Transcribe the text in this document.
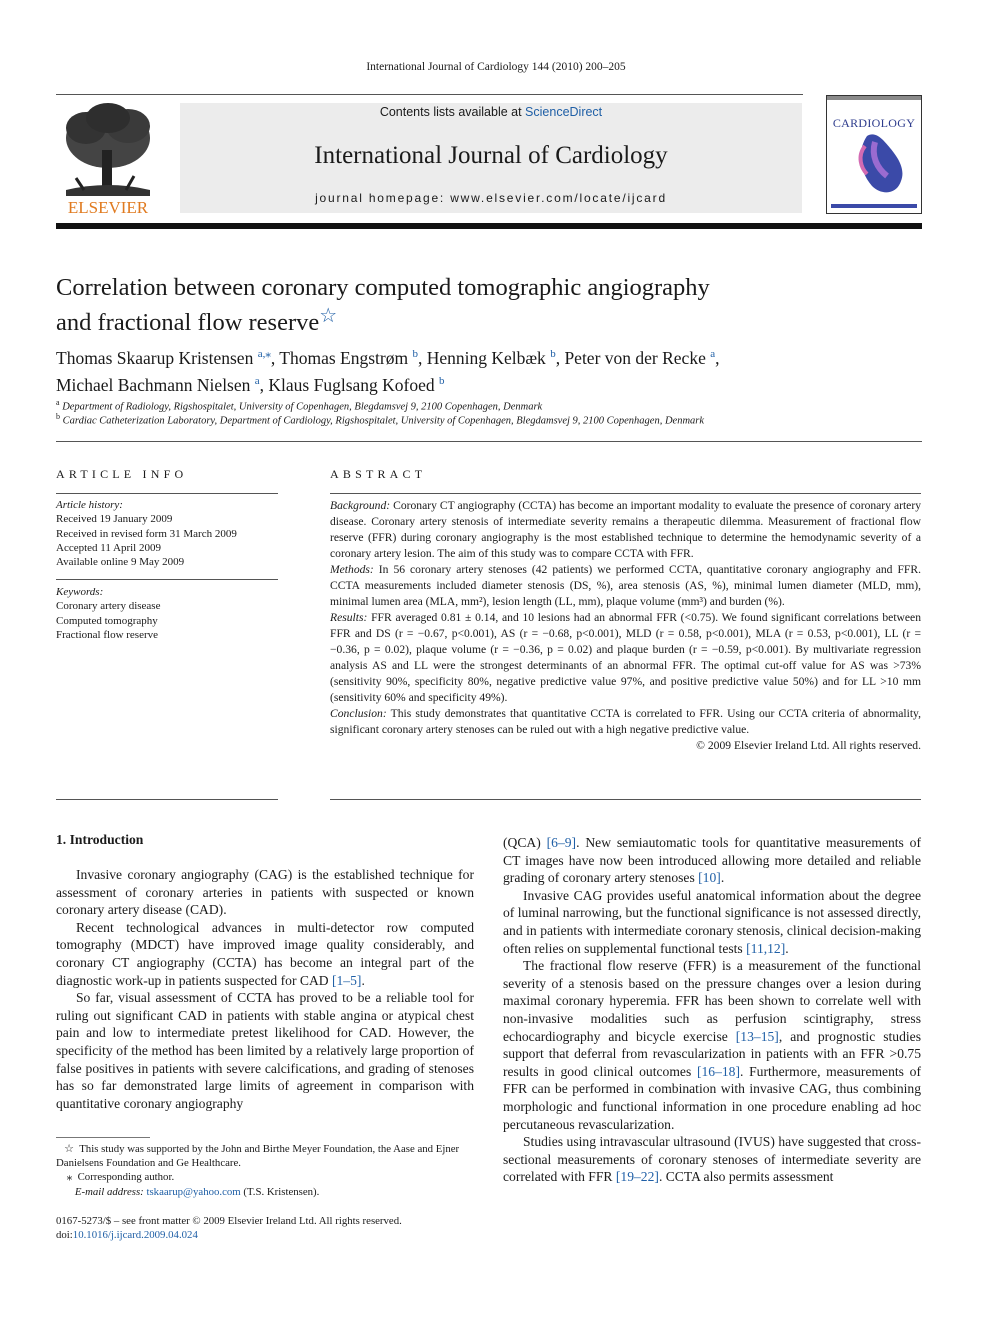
International Journal of Cardiology 144 (2010) 200–205
ELSEVIER
Contents lists available at ScienceDirect
International Journal of Cardiology
journal homepage: www.elsevier.com/locate/ijcard
CARDIOLOGY
Correlation between coronary computed tomographic angiography
and fractional flow reserve☆
Thomas Skaarup Kristensen $^{a,⁎}$, Thomas Engstrøm $^b$, Henning Kelbæk $^b$, Peter von der Recke $^a$,
Michael Bachmann Nielsen $^a$, Klaus Fuglsang Kofoed $^b$
$^a$ Department of Radiology, Rigshospitalet, University of Copenhagen, Blegdamsvej 9, 2100 Copenhagen, Denmark
$^b$ Cardiac Catheterization Laboratory, Department of Cardiology, Rigshospitalet, University of Copenhagen, Blegdamsvej 9, 2100 Copenhagen, Denmark
ARTICLE INFO
Article history:
Received 19 January 2009
Received in revised form 31 March 2009
Accepted 11 April 2009
Available online 9 May 2009
Keywords:
Coronary artery disease
Computed tomography
Fractional flow reserve
ABSTRACT

Background: Coronary CT angiography (CCTA) has become an important modality to evaluate the presence of coronary artery disease. Coronary artery stenosis of intermediate severity remains a therapeutic dilemma. Measurement of fractional flow reserve (FFR) during coronary angiography is the most established technique to determine the hemodynamic severity of a coronary artery lesion. The aim of this study was to compare CCTA with FFR.

Methods: In 56 coronary artery stenoses (42 patients) we performed CCTA, quantitative coronary angiography and FFR. CCTA measurements included diameter stenosis (DS, %), area stenosis (AS, %), minimal lumen diameter (MLD, mm), minimal lumen area (MLA, mm²), lesion length (LL, mm), plaque volume (mm³) and burden (%).

Results: FFR averaged 0.81 ± 0.14, and 10 lesions had an abnormal FFR (<0.75). We found significant correlations between FFR and DS (r = −0.67, p<0.001), AS (r = −0.68, p<0.001), MLD (r = 0.58, p<0.001), MLA (r = 0.53, p<0.001), LL (r = −0.36, p = 0.02), plaque volume (r = −0.36, p = 0.02) and plaque burden (r = −0.59, p<0.001). By multivariate regression analysis AS and LL were the strongest determinants of an abnormal FFR. The optimal cut-off value for AS was >73% (sensitivity 90%, specificity 80%, negative predictive value 97%, and positive predictive value 50%) and for LL >10 mm (sensitivity 60% and specificity 49%).

Conclusion: This study demonstrates that quantitative CCTA is correlated to FFR. Using our CCTA criteria of abnormality, significant coronary artery stenoses can be ruled out with a high negative predictive value.

© 2009 Elsevier Ireland Ltd. All rights reserved.

1. Introduction

Invasive coronary angiography (CAG) is the established technique for assessment of coronary arteries in patients with suspected or known coronary artery disease (CAD).

Recent technological advances in multi-detector row computed tomography (MDCT) have improved image quality considerably, and coronary CT angiography (CCTA) has become an integral part of the diagnostic work-up in patients suspected for CAD [1–5].

So far, visual assessment of CCTA has proved to be a reliable tool for ruling out significant CAD in patients with stable angina or atypical chest pain and low to intermediate pretest likelihood for CAD. However, the specificity of the method has been limited by a relatively large proportion of false positives in patients with severe calcifications, and grading of stenoses has so far demonstrated large limits of agreement in comparison with quantitative coronary angiography

(QCA) [6–9]. New semiautomatic tools for quantitative measurements of CT images have now been introduced allowing more detailed and reliable grading of coronary artery stenoses [10].

Invasive CAG provides useful anatomical information about the degree of luminal narrowing, but the functional significance is not assessed directly, and in patients with intermediate coronary stenosis, clinical decision-making often relies on supplemental functional tests [11,12].

The fractional flow reserve (FFR) is a measurement of the functional severity of a stenosis based on the pressure changes over a lesion during maximal coronary hyperemia. FFR has been shown to correlate well with non-invasive modalities such as perfusion scintigraphy, stress echocardiography and bicycle exercise [13–15], and prognostic studies support that deferral from revascularization in patients with an FFR >0.75 results in good clinical outcomes [16–18]. Furthermore, measurements of FFR can be performed in combination with invasive CAG, thus combining morphologic and functional information in one procedure enabling ad hoc percutaneous revascularization.

Studies using intravascular ultrasound (IVUS) have suggested that cross-sectional measurements of coronary stenoses of intermediate severity are correlated with FFR [19–22]. CCTA also permits assessment

☆ This study was supported by the John and Birthe Meyer Foundation, the Aase and Ejner Danielsens Foundation and Ge Healthcare.

⁎  Corresponding author.

E-mail address: tskaarup@yahoo.com (T.S. Kristensen).

0167-5273/$ – see front matter © 2009 Elsevier Ireland Ltd. All rights reserved.
doi:10.1016/j.ijcard.2009.04.024
